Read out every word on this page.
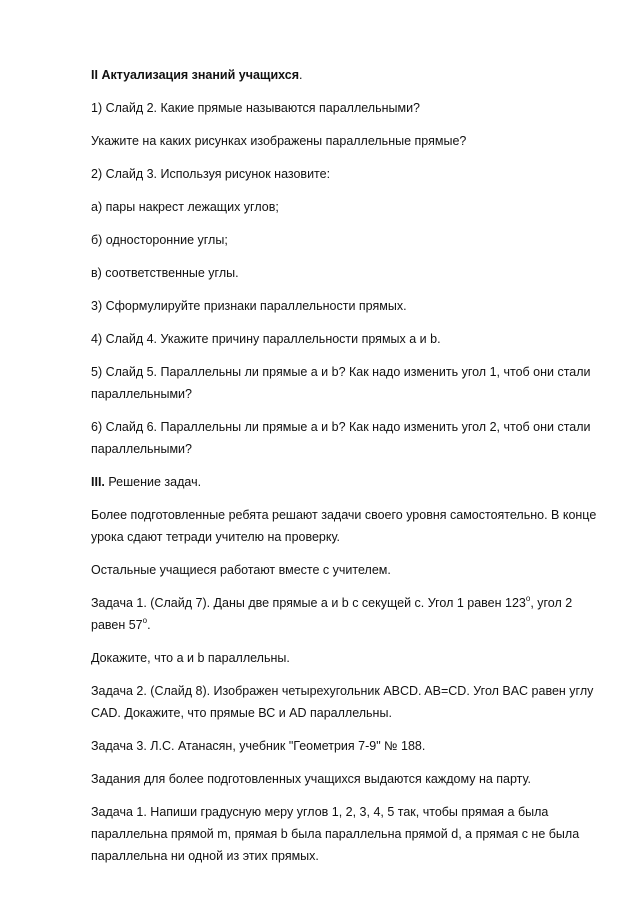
II Актуализация знаний учащихся.

1) Слайд 2. Какие прямые называются параллельными?

Укажите на каких рисунках изображены параллельные прямые?

2) Слайд 3. Используя рисунок назовите:

а) пары накрест лежащих углов;

б) односторонние углы;

в) соответственные углы.

3) Сформулируйте признаки параллельности прямых.

4) Слайд 4. Укажите причину параллельности прямых а и b.

5) Слайд 5. Параллельны ли прямые а и b? Как надо изменить угол 1, чтоб они стали параллельными?

6) Слайд 6. Параллельны ли прямые а и b? Как надо изменить угол 2, чтоб они стали параллельными?

III. Решение задач.

Более подготовленные ребята решают задачи своего уровня самостоятельно. В конце урока сдают тетради учителю на проверку.

Остальные учащиеся работают вместе с учителем.

Задача 1. (Слайд 7). Даны две прямые а и b с секущей с. Угол 1 равен $123^о$, угол 2 равен $57^о$.

Докажите, что а и b параллельны.

Задача 2. (Слайд 8). Изображен четырехугольник ABCD. AB=CD. Угол BAC равен углу CAD. Докажите, что прямые ВС и AD параллельны.

Задача 3. Л.С. Атанасян, учебник "Геометрия 7-9" № 188.

Задания для более подготовленных учащихся выдаются каждому на парту.

Задача 1. Напиши градусную меру углов 1, 2, 3, 4, 5 так, чтобы прямая а была параллельна прямой m, прямая b была параллельна прямой d, а прямая с не была параллельна ни одной из этих прямых.
